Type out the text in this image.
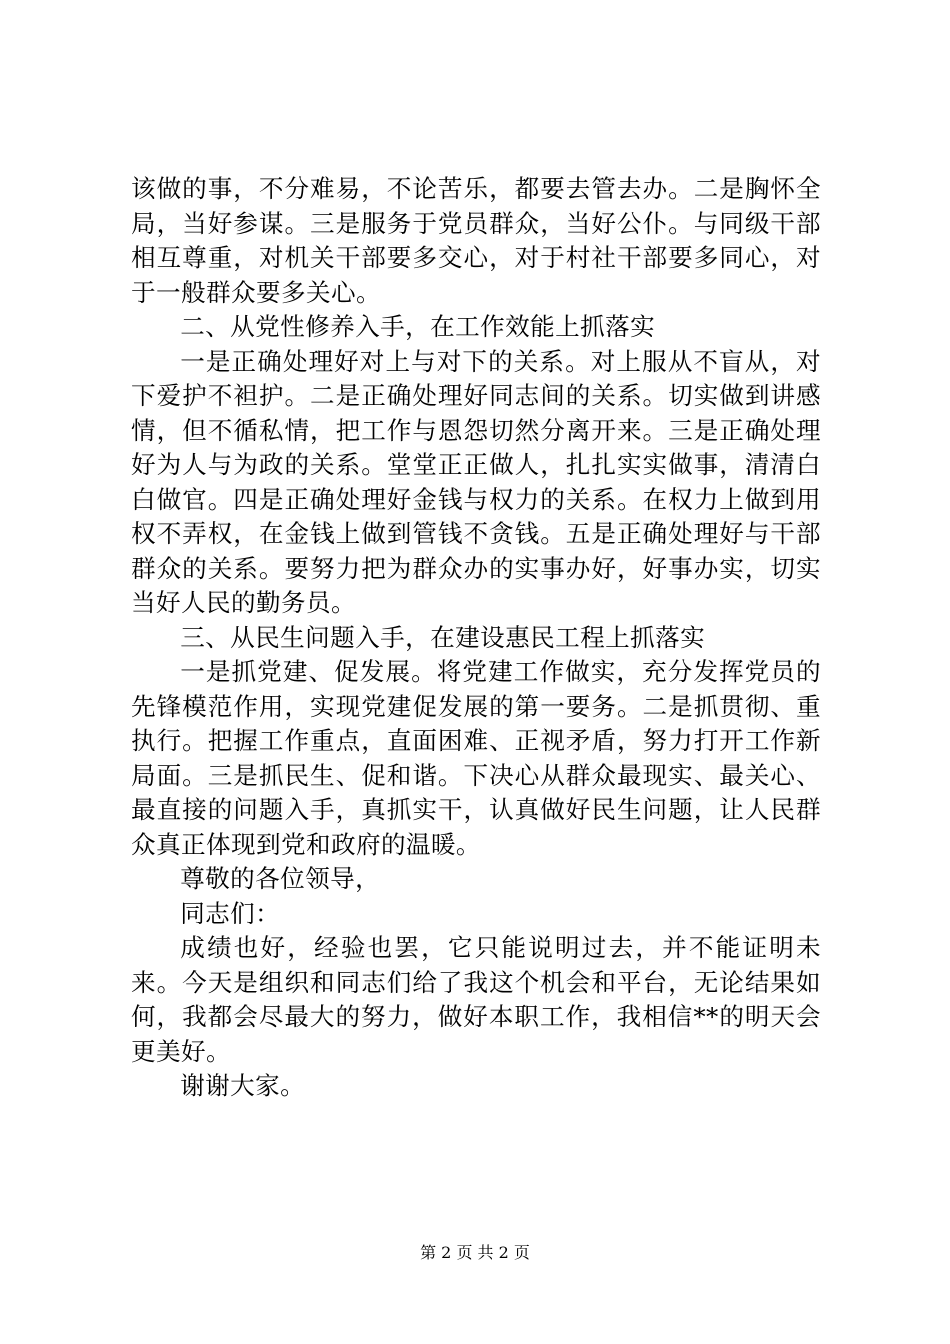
该做的事，不分难易，不论苦乐，都要去管去办。二是胸怀全局，当好参谋。三是服务于党员群众，当好公仆。与同级干部相互尊重，对机关干部要多交心，对于村社干部要多同心，对于一般群众要多关心。

二、从党性修养入手，在工作效能上抓落实

一是正确处理好对上与对下的关系。对上服从不盲从，对下爱护不袒护。二是正确处理好同志间的关系。切实做到讲感情，但不循私情，把工作与恩怨切然分离开来。三是正确处理好为人与为政的关系。堂堂正正做人，扎扎实实做事，清清白白做官。四是正确处理好金钱与权力的关系。在权力上做到用权不弄权，在金钱上做到管钱不贪钱。五是正确处理好与干部群众的关系。要努力把为群众办的实事办好，好事办实，切实当好人民的勤务员。

三、从民生问题入手，在建设惠民工程上抓落实

一是抓党建、促发展。将党建工作做实，充分发挥党员的先锋模范作用，实现党建促发展的第一要务。二是抓贯彻、重执行。把握工作重点，直面困难、正视矛盾，努力打开工作新局面。三是抓民生、促和谐。下决心从群众最现实、最关心、最直接的问题入手，真抓实干，认真做好民生问题，让人民群众真正体现到党和政府的温暖。

尊敬的各位领导，

同志们：

成绩也好，经验也罢，它只能说明过去，并不能证明未来。今天是组织和同志们给了我这个机会和平台，无论结果如何，我都会尽最大的努力，做好本职工作，我相信**的明天会更美好。

谢谢大家。

第 2 页 共 2 页
